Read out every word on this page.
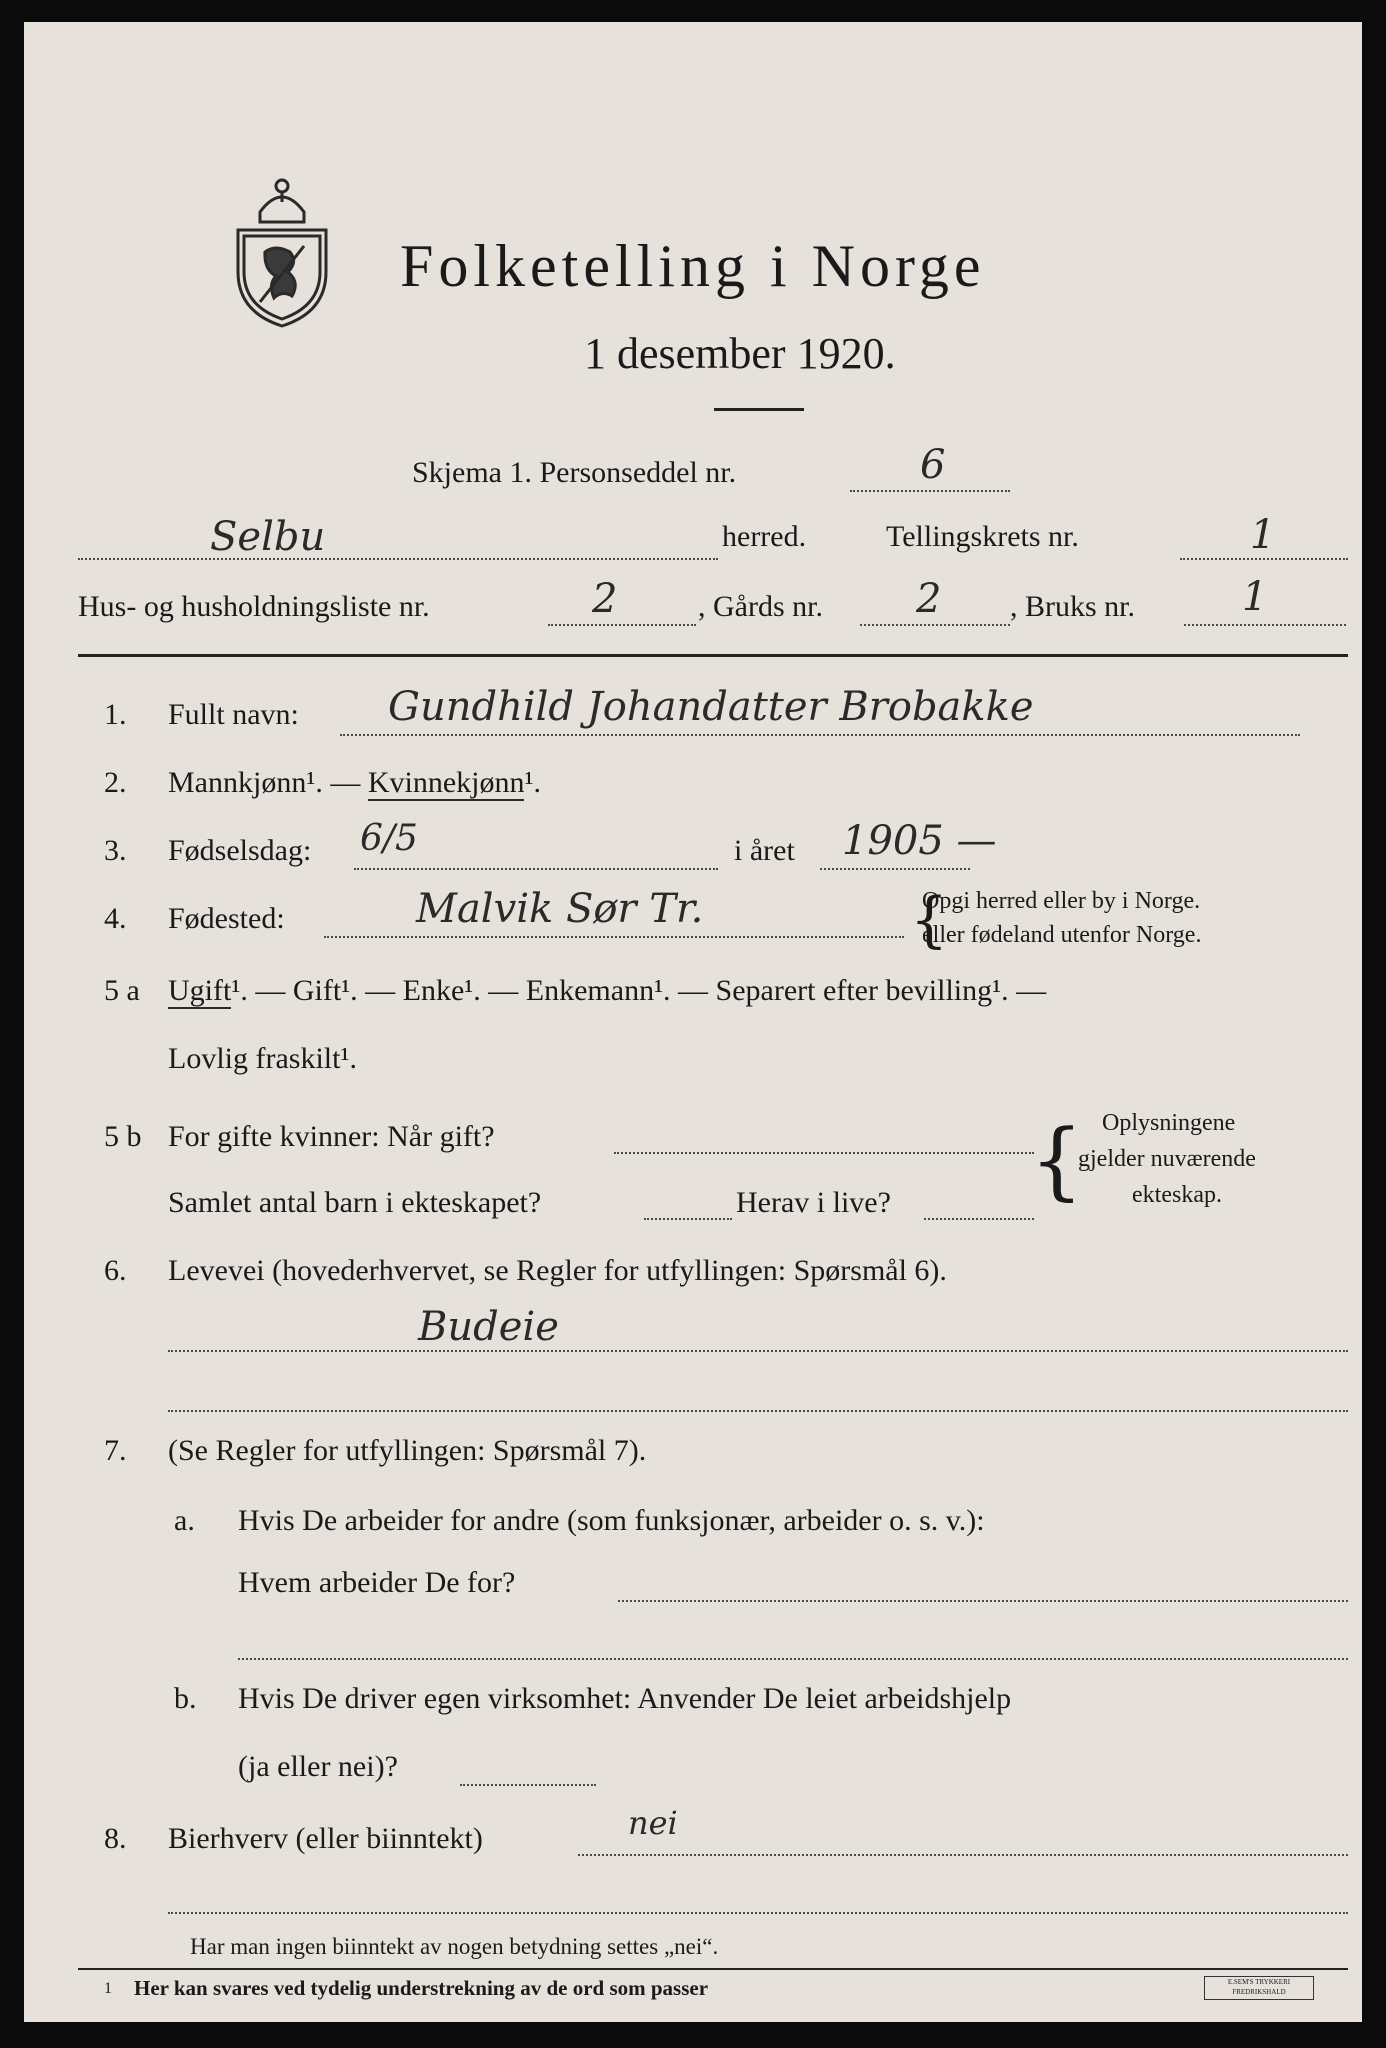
Folketelling i Norge
1 desember 1920.
Skjema 1. Personseddel nr.	6
Selbu	herred.	Tellingskrets nr.	1
Hus- og husholdningsliste nr.	2	, Gårds nr. 2 , Bruks nr.	1
1. Fullt navn: Gundhild Johandatter Brobakke
2. Mannkjønn¹. — Kvinnekjønn¹.
3. Fødselsdag: 6/5	i året 1905 —
4. Fødested:	Malvik Sør Tr.	{
Opgi herred eller by i Norge.
eller fødeland utenfor Norge.
5 a Ugift¹. — Gift¹. — Enke¹. — Enkemann¹. — Separert efter bevilling¹. —
Lovlig fraskilt¹.
5 b For gifte kvinner: Når gift?
Samlet antal barn i ekteskapet?	Herav i live? { Oplysningene
gjelder nuværende
ekteskap.
6. Levevei (hovederhvervet, se Regler for utfyllingen: Spørsmål 6).
Budeie
7. (Se Regler for utfyllingen: Spørsmål 7).
a. Hvis De arbeider for andre (som funksjonær, arbeider o. s. v.):
Hvem arbeider De for?
b. Hvis De driver egen virksomhet: Anvender De leiet arbeidshjelp
(ja eller nei)?
8. Bierhverv (eller biinntekt)	nei
Har man ingen biinntekt av nogen betydning settes „nei“.
1 Her kan svares ved tydelig understrekning av de ord som passer	E.SEM'S TRYKKERI
FREDRIKSHALD
